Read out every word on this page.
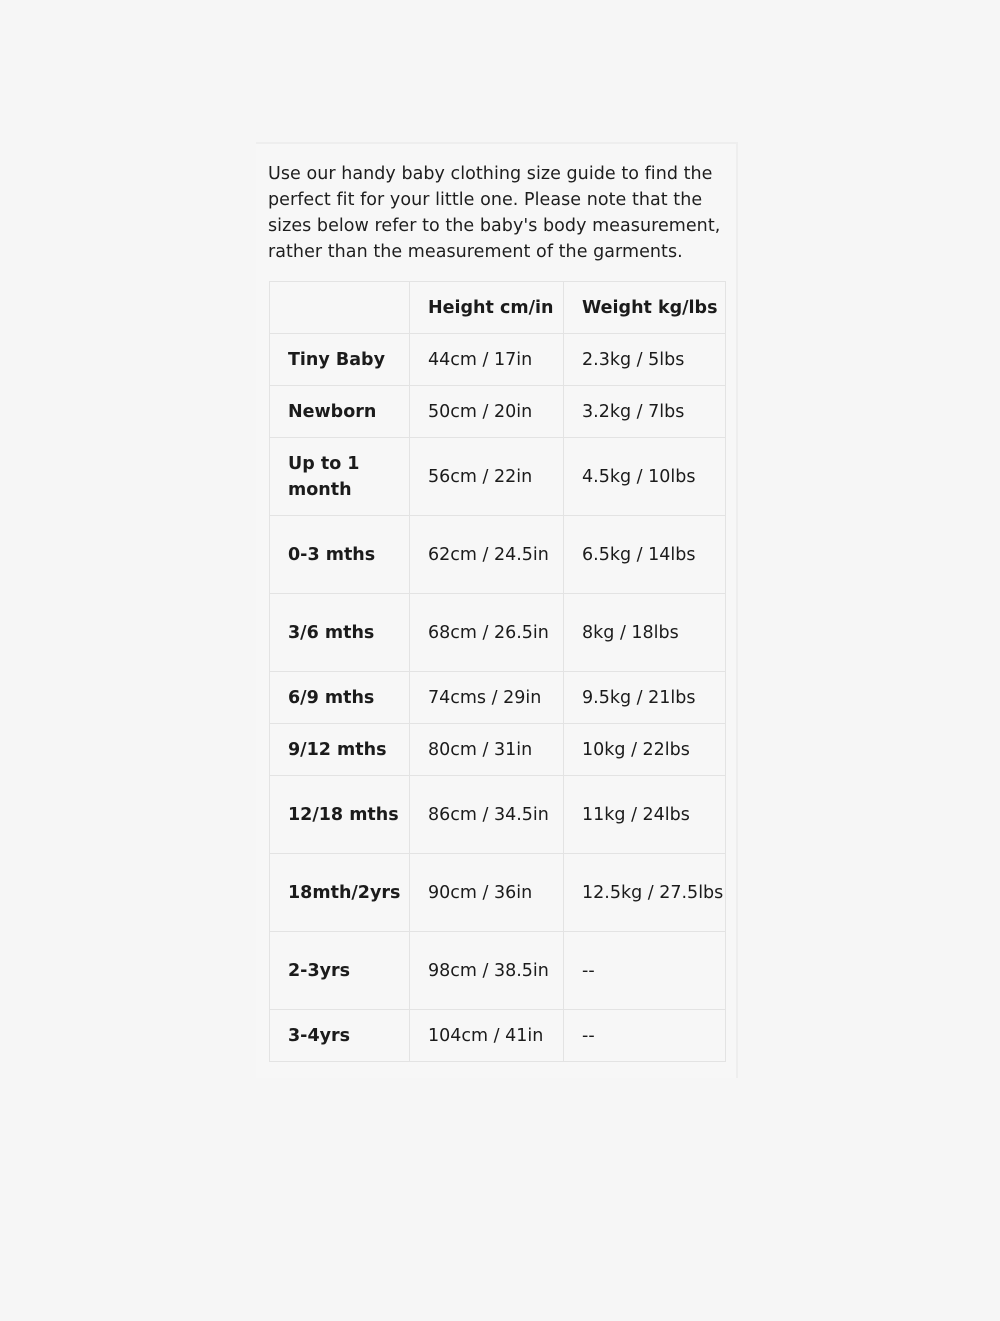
Use our handy baby clothing size guide to find the perfect fit for your little one. Please note that the sizes below refer to the baby's body measurement, rather than the measurement of the garments.

	Height cm/in	Weight kg/lbs
Tiny Baby	44cm / 17in	2.3kg / 5lbs
Newborn	50cm / 20in	3.2kg / 7lbs
Up to 1 month	56cm / 22in	4.5kg / 10lbs
0-3 mths	62cm / 24.5in	6.5kg / 14lbs
3/6 mths	68cm / 26.5in	8kg / 18lbs
6/9 mths	74cms / 29in	9.5kg / 21lbs
9/12 mths	80cm / 31in	10kg / 22lbs
12/18 mths	86cm / 34.5in	11kg / 24lbs
18mth/2yrs	90cm / 36in	12.5kg / 27.5lbs
2-3yrs	98cm / 38.5in	--
3-4yrs	104cm / 41in	--
